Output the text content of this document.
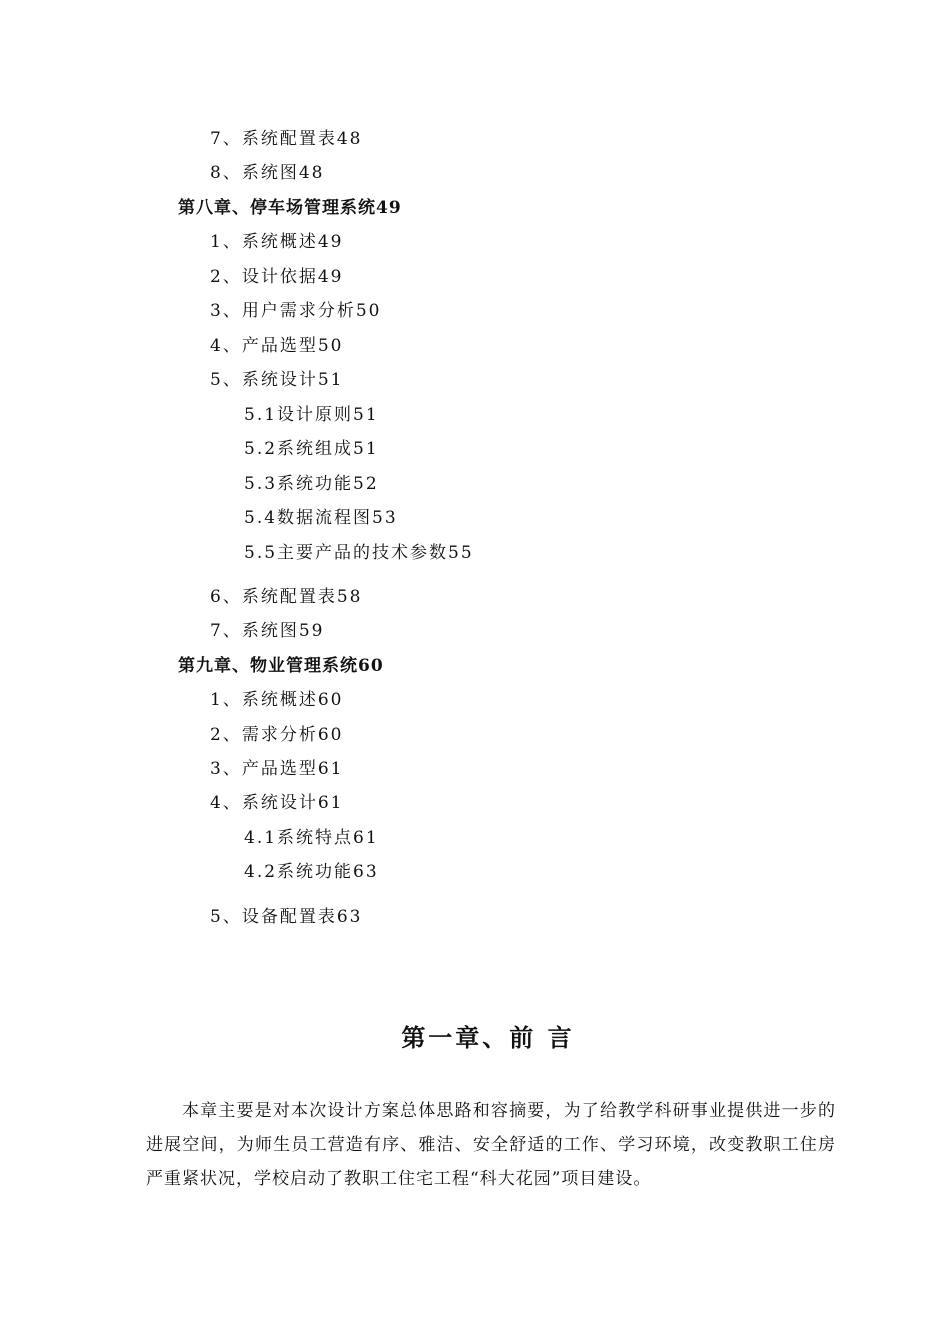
7、系统配置表48
8、系统图48
第八章、停车场管理系统49
1、系统概述49
2、设计依据49
3、用户需求分析50
4、产品选型50
5、系统设计51
5.1设计原则51
5.2系统组成51
5.3系统功能52
5.4数据流程图53
5.5主要产品的技术参数55
6、系统配置表58
7、系统图59
第九章、物业管理系统60
1、系统概述60
2、需求分析60
3、产品选型61
4、系统设计61
4.1系统特点61
4.2系统功能63
5、设备配置表63
第一章、前 言

本章主要是对本次设计方案总体思路和容摘要，为了给教学科研事业提供进一步的进展空间，为师生员工营造有序、雅洁、安全舒适的工作、学习环境，改变教职工住房严重紧状况，学校启动了教职工住宅工程“科大花园”项目建设。
